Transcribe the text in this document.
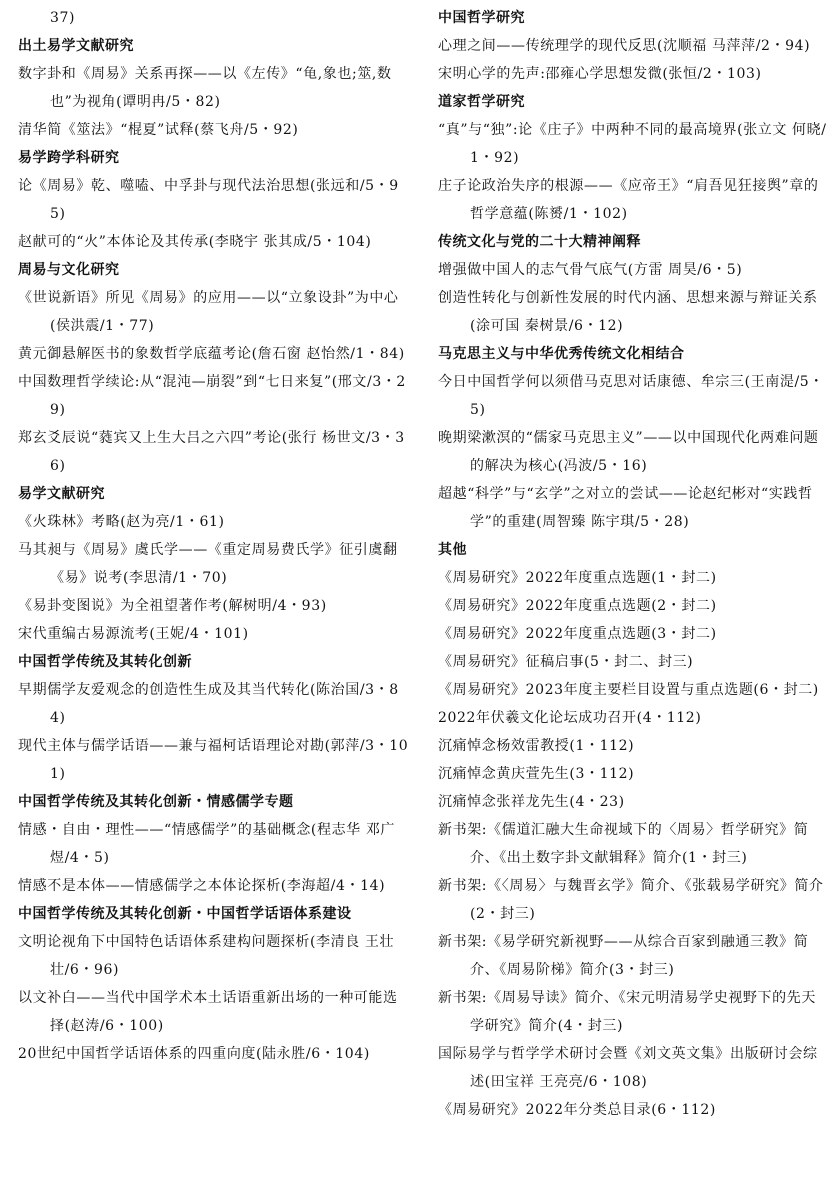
37)
出土易学文献研究
数字卦和《周易》关系再探——以《左传》“龟,象也;筮,数也”为视角(谭明冉/5・82)
清华简《筮法》“棍夏”试释(蔡飞舟/5・92)
易学跨学科研究
论《周易》乾、噬嗑、中孚卦与现代法治思想(张远和/5・95)
赵献可的“火”本体论及其传承(李晓宇 张其成/5・104)
周易与文化研究
《世说新语》所见《周易》的应用——以“立象设卦”为中心(侯洪震/1・77)
黄元御悬解医书的象数哲学底蕴考论(詹石窗 赵怡然/1・84)
中国数理哲学续论:从“混沌—崩裂”到“七日来复”(邢文/3・29)
郑玄爻辰说“蕤宾又上生大吕之六四”考论(张行 杨世文/3・36)
易学文献研究
《火珠林》考略(赵为亮/1・61)
马其昶与《周易》虞氏学——《重定周易费氏学》征引虞翻《易》说考(李思清/1・70)
《易卦变图说》为全祖望著作考(解树明/4・93)
宋代重编古易源流考(王妮/4・101)
中国哲学传统及其转化创新
早期儒学友爱观念的创造性生成及其当代转化(陈治国/3・84)
现代主体与儒学话语——兼与福柯话语理论对勘(郭萍/3・101)
中国哲学传统及其转化创新・情感儒学专题
情感・自由・理性——“情感儒学”的基础概念(程志华 邓广煜/4・5)
情感不是本体——情感儒学之本体论探析(李海超/4・14)
中国哲学传统及其转化创新・中国哲学话语体系建设
文明论视角下中国特色话语体系建构问题探析(李清良 王壮壮/6・96)
以文补白——当代中国学术本土话语重新出场的一种可能选择(赵涛/6・100)
20世纪中国哲学话语体系的四重向度(陆永胜/6・104)
中国哲学研究
心理之间——传统理学的现代反思(沈顺福 马萍萍/2・94)
宋明心学的先声:邵雍心学思想发微(张恒/2・103)
道家哲学研究
“真”与“独”:论《庄子》中两种不同的最高境界(张立文 何晓/1・92)
庄子论政治失序的根源——《应帝王》“肩吾见狂接舆”章的哲学意蕴(陈赟/1・102)
传统文化与党的二十大精神阐释
增强做中国人的志气骨气底气(方雷 周昊/6・5)
创造性转化与创新性发展的时代内涵、思想来源与辩证关系(涂可国 秦树景/6・12)
马克思主义与中华优秀传统文化相结合
今日中国哲学何以须借马克思对话康德、牟宗三(王南湜/5・5)
晚期梁漱溟的“儒家马克思主义”——以中国现代化两难问题的解决为核心(冯波/5・16)
超越“科学”与“玄学”之对立的尝试——论赵纪彬对“实践哲学”的重建(周智臻 陈宇琪/5・28)
其他
《周易研究》2022年度重点选题(1・封二)
《周易研究》2022年度重点选题(2・封二)
《周易研究》2022年度重点选题(3・封二)
《周易研究》征稿启事(5・封二、封三)
《周易研究》2023年度主要栏目设置与重点选题(6・封二)
2022年伏羲文化论坛成功召开(4・112)
沉痛悼念杨效雷教授(1・112)
沉痛悼念黄庆萱先生(3・112)
沉痛悼念张祥龙先生(4・23)
新书架:《儒道汇融大生命视域下的〈周易〉哲学研究》简介、《出土数字卦文献辑释》简介(1・封三)
新书架:《〈周易〉与魏晋玄学》简介、《张载易学研究》简介(2・封三)
新书架:《易学研究新视野——从综合百家到融通三教》简介、《周易阶梯》简介(3・封三)
新书架:《周易导读》简介、《宋元明清易学史视野下的先天学研究》简介(4・封三)
国际易学与哲学学术研讨会暨《刘文英文集》出版研讨会综述(田宝祥 王亮亮/6・108)
《周易研究》2022年分类总目录(6・112)
